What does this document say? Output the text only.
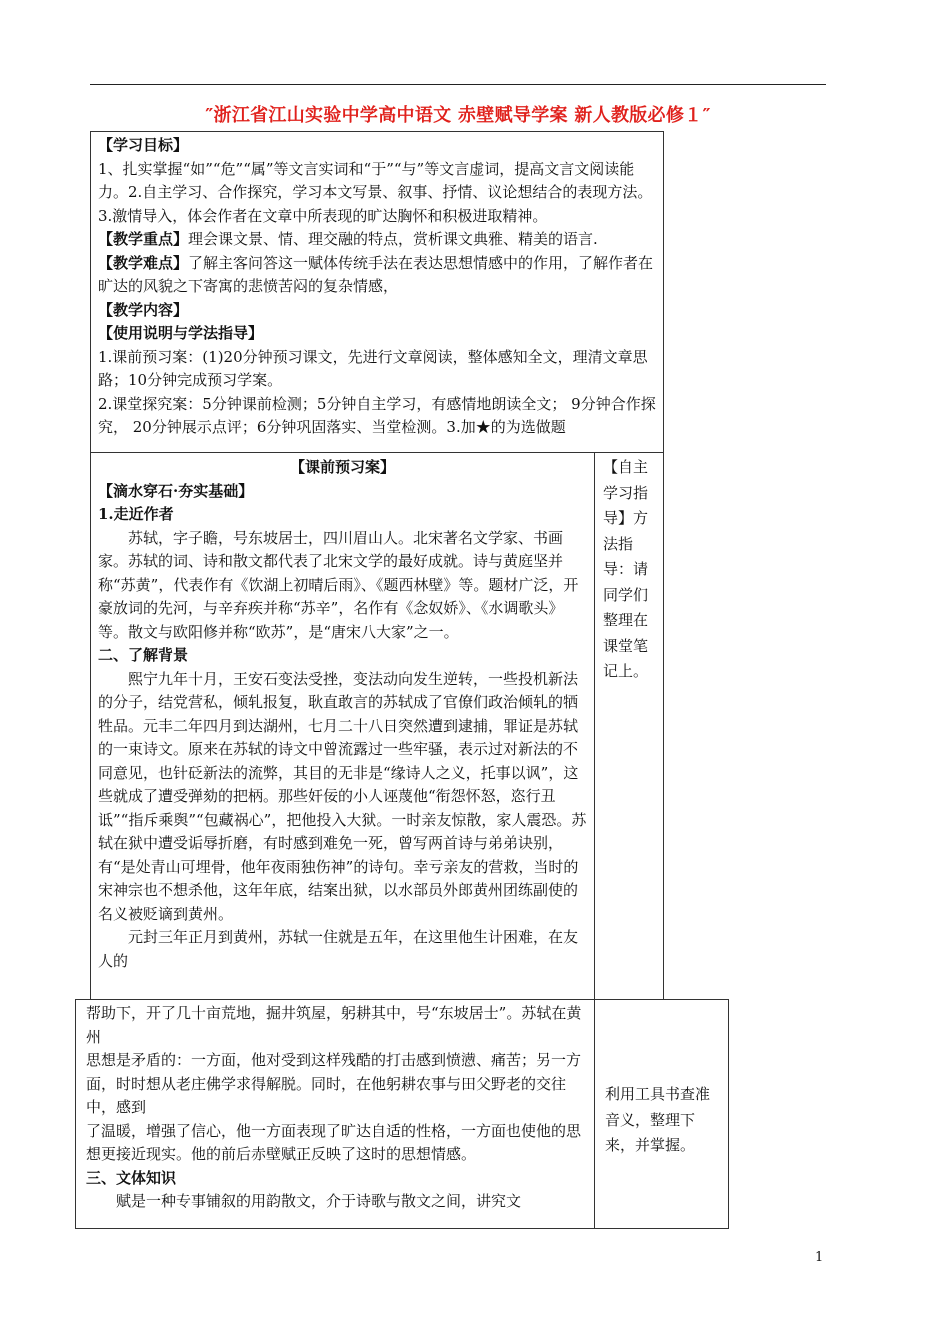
″浙江省江山实验中学高中语文 赤壁赋导学案 新人教版必修１″

【学习目标】

1、扎实掌握“如”“危”“属”等文言实词和“于”“与”等文言虚词，提高文言文阅读能力。2.自主学习、合作探究，学习本文写景、叙事、抒情、议论想结合的表现方法。3.激情导入，体会作者在文章中所表现的旷达胸怀和积极进取精神。

【教学重点】理会课文景、情、理交融的特点，赏析课文典雅、精美的语言.

【教学难点】了解主客问答这一赋体传统手法在表达思想情感中的作用，了解作者在旷达的风貌之下寄寓的悲愤苦闷的复杂情感，

【教学内容】

【使用说明与学法指导】

1.课前预习案：(1)20分钟预习课文，先进行文章阅读，整体感知全文，理清文章思路；10分钟完成预习学案。

2.课堂探究案：5分钟课前检测；5分钟自主学习，有感情地朗读全文； 9分钟合作探究， 20分钟展示点评；6分钟巩固落实、当堂检测。3.加★的为选做题

【课前预习案】

【滴水穿石·夯实基础】

1.走近作者

苏轼，字子瞻，号东坡居士，四川眉山人。北宋著名文学家、书画家。苏轼的词、诗和散文都代表了北宋文学的最好成就。诗与黄庭坚并称“苏黄”，代表作有《饮湖上初晴后雨》、《题西林壁》等。题材广泛，开豪放词的先河，与辛弃疾并称“苏辛”，名作有《念奴娇》、《水调歌头》等。散文与欧阳修并称“欧苏”，是“唐宋八大家”之一。

二、了解背景

熙宁九年十月，王安石变法受挫，变法动向发生逆转，一些投机新法的分子，结党营私，倾轧报复，耿直敢言的苏轼成了官僚们政治倾轧的牺牲品。元丰二年四月到达湖州，七月二十八日突然遭到逮捕，罪证是苏轼的一束诗文。原来在苏轼的诗文中曾流露过一些牢骚，表示过对新法的不同意见，也针砭新法的流弊，其目的无非是“缘诗人之义，托事以讽”，这些就成了遭受弹劾的把柄。那些奸佞的小人诬蔑他“衔怨怀怒，恣行丑诋”“指斥乘舆”“包藏祸心”，把他投入大狱。一时亲友惊散，家人震恐。苏轼在狱中遭受诟辱折磨，有时感到难免一死，曾写两首诗与弟弟诀别，有“是处青山可埋骨，他年夜雨独伤神”的诗句。幸亏亲友的营救，当时的宋神宗也不想杀他，这年年底，结案出狱，以水部员外郎黄州团练副使的名义被贬谪到黄州。

元封三年正月到黄州，苏轼一住就是五年，在这里他生计困难，在友人的

【自主学习指导】方法指导：请同学们整理在课堂笔　记上。

帮助下，开了几十亩荒地，掘井筑屋，躬耕其中，号“东坡居士”。苏轼在黄州

思想是矛盾的：一方面，他对受到这样残酷的打击感到愤懑、痛苦；另一方面，时时想从老庄佛学求得解脱。同时，在他躬耕农事与田父野老的交往中，感到

了温暖，增强了信心，他一方面表现了旷达自适的性格，一方面也使他的思想更接近现实。他的前后赤壁赋正反映了这时的思想情感。

三、文体知识

赋是一种专事铺叙的用韵散文，介于诗歌与散文之间，讲究文

利用工具书查准音义，整理下来，并掌握。

1
